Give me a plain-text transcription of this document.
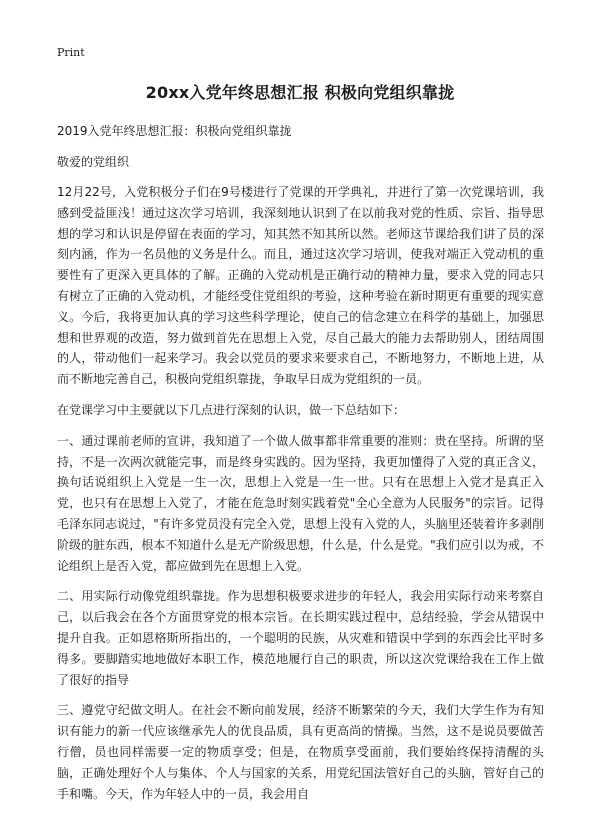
Print
20xx入党年终思想汇报 积极向党组织靠拢
2019入党年终思想汇报：积极向党组织靠拢
敬爱的党组织

12月22号，入党积极分子们在9号楼进行了党课的开学典礼，并进行了第一次党课培训，我感到受益匪浅！通过这次学习培训，我深刻地认识到了在以前我对党的性质、宗旨、指导思想的学习和认识是停留在表面的学习，知其然不知其所以然。老师这节课给我们讲了员的深刻内涵，作为一名员他的义务是什么。而且，通过这次学习培训，使我对端正入党动机的重要性有了更深入更具体的了解。正确的入党动机是正确行动的精神力量，要求入党的同志只有树立了正确的入党动机，才能经受住党组织的考验，这种考验在新时期更有重要的现实意义。今后，我将更加认真的学习这些科学理论，使自己的信念建立在科学的基础上，加强思想和世界观的改造，努力做到首先在思想上入党，尽自己最大的能力去帮助别人，团结周围的人，带动他们一起来学习。我会以党员的要求来要求自己，不断地努力，不断地上进，从而不断地完善自己，积极向党组织靠拢，争取早日成为党组织的一员。

在党课学习中主要就以下几点进行深刻的认识，做一下总结如下：

一、通过课前老师的宣讲，我知道了一个做人做事都非常重要的准则：贵在坚持。所谓的坚持，不是一次两次就能完事，而是终身实践的。因为坚持，我更加懂得了入党的真正含义，换句话说组织上入党是一生一次，思想上入党是一生一世。只有在思想上入党才是真正入党，也只有在思想上入党了，才能在危急时刻实践着党"全心全意为人民服务"的宗旨。记得毛泽东同志说过，"有许多党员没有完全入党，思想上没有入党的人，头脑里还装着许多剥削阶级的脏东西，根本不知道什么是无产阶级思想，什么是，什么是党。"我们应引以为戒，不论组织上是否入党，都应做到先在思想上入党。

二、用实际行动像党组织靠拢。作为思想积极要求进步的年轻人，我会用实际行动来考察自己，以后我会在各个方面贯穿党的根本宗旨。在长期实践过程中，总结经验，学会从错误中提升自我。正如恩格斯所指出的，一个聪明的民族，从灾难和错误中学到的东西会比平时多得多。要脚踏实地地做好本职工作，模范地履行自己的职责，所以这次党课给我在工作上做了很好的指导

三、遵党守纪做文明人。在社会不断向前发展，经济不断繁荣的今天，我们大学生作为有知识有能力的新一代应该继承先人的优良品质，具有更高尚的情操。当然，这不是说员要做苦行僧，员也同样需要一定的物质享受；但是，在物质享受面前，我们要始终保持清醒的头脑，正确处理好个人与集体、个人与国家的关系，用党纪国法管好自己的头脑，管好自己的手和嘴。今天，作为年轻人中的一员，我会用自
